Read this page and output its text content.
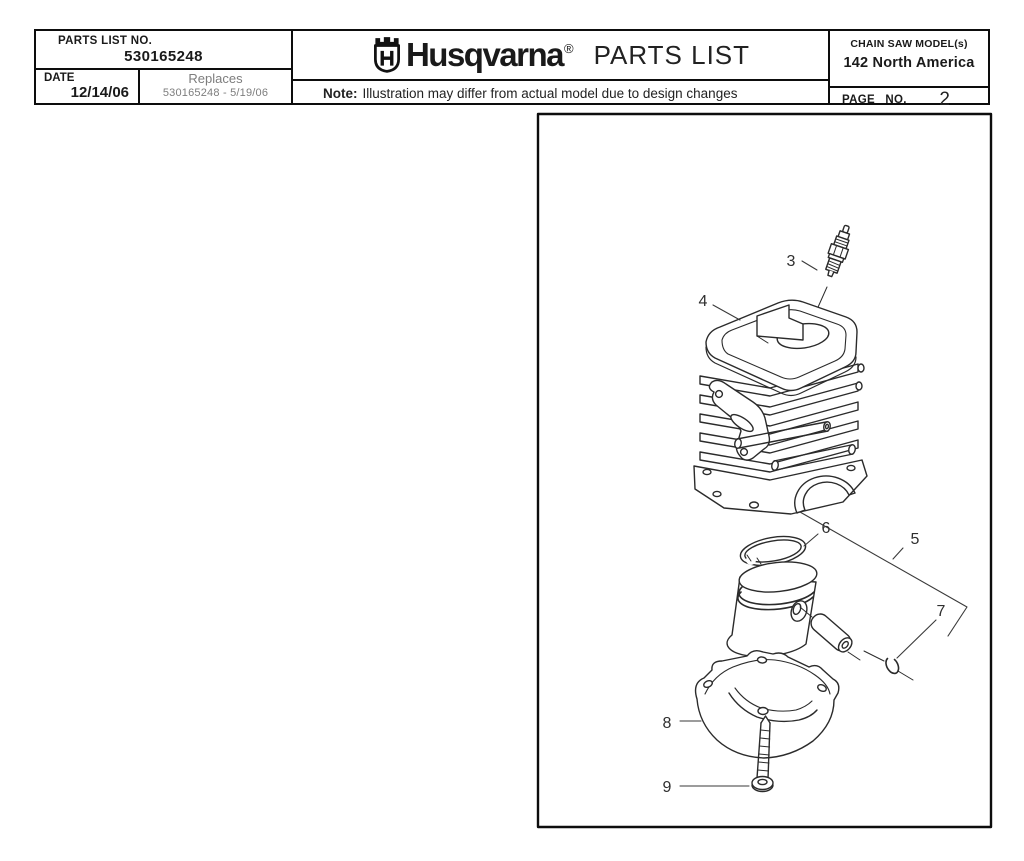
PARTS LIST NO.
530165248
DATE
12/14/06
Replaces
530165248 - 5/19/06
Husqvarna ® PARTS LIST
Note: Illustration may differ from actual model due to design changes
CHAIN SAW MODEL(s)
142 North America
PAGE NO. 2
3
4
5
6
7
8
9
